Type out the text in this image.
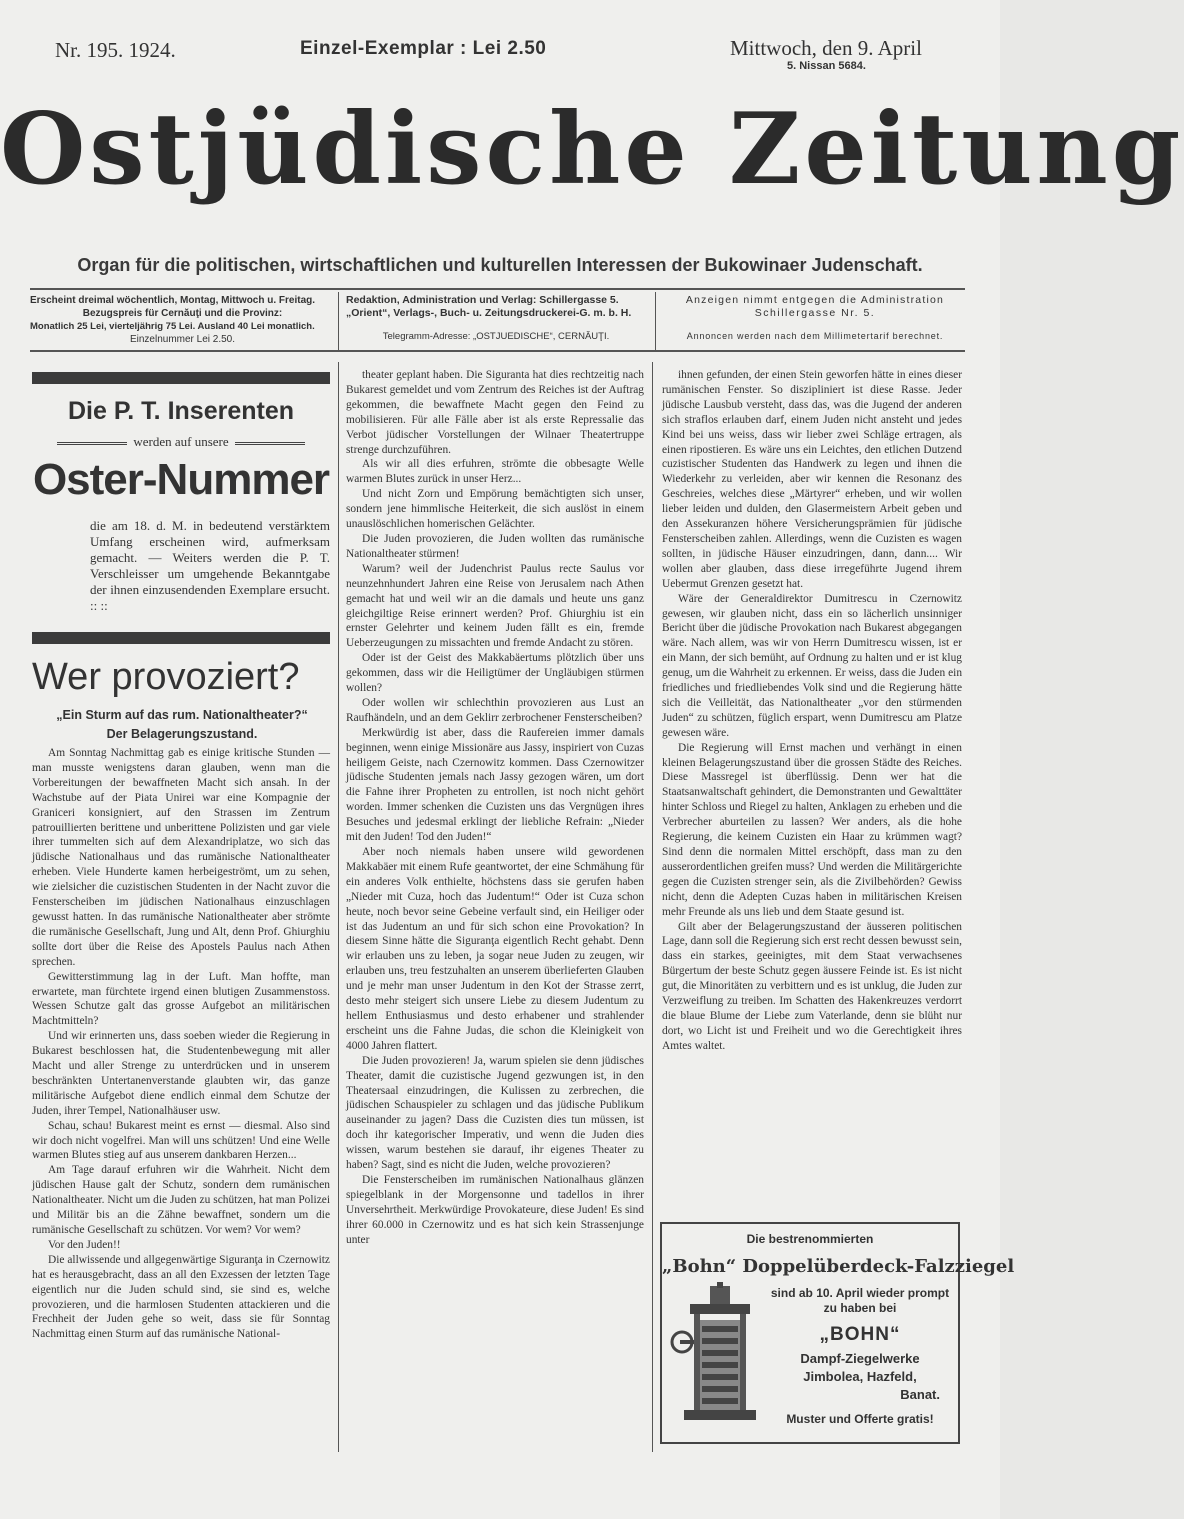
Nr. 195. 1924.	Einzel-Exemplar : Lei 2.50	Mittwoch, den 9. April
5. Nissan 5684.
Ostjüdische Zeitung
Organ für die politischen, wirtschaftlichen und kulturellen Interessen der Bukowinaer Judenschaft.
Erscheint dreimal wöchentlich, Montag, Mittwoch u. Freitag.
Bezugspreis für Cernăuţi und die Provinz:
Monatlich 25 Lei, vierteljährig 75 Lei. Ausland 40 Lei monatlich.
Einzelnummer Lei 2.50.
Redaktion, Administration und Verlag: Schillergasse 5.
„Orient“, Verlags-, Buch- u. Zeitungsdruckerei-G. m. b. H.
Telegramm-Adresse: „OSTJUEDISCHE“, CERNĂUŢI.
Anzeigen nimmt entgegen die Administration
Schillergasse Nr. 5.
Annoncen werden nach dem Millimetertarif berechnet.
Die P. T. Inserenten
werden auf unsere
Oster-Nummer
die am 18. d. M. in bedeutend verstärktem Umfang erscheinen wird, aufmerksam gemacht. — Weiters werden die P. T. Verschleisser um umgehende Bekanntgabe der ihnen einzusendenden Exemplare ersucht. :: ::
Wer provoziert?
„Ein Sturm auf das rum. Nationaltheater?“
Der Belagerungszustand.

Am Sonntag Nachmittag gab es einige kritische Stunden — man musste wenigstens daran glauben, wenn man die Vorbereitungen der bewaffneten Macht sich ansah. In der Wachstube auf der Piata Unirei war eine Kompagnie der Graniceri konsigniert, auf den Strassen im Zentrum patrouillierten berittene und unberittene Polizisten und gar viele ihrer tummelten sich auf dem Alexandriplatze, wo sich das jüdische Nationalhaus und das rumänische Nationaltheater erheben. Viele Hunderte kamen herbeigeströmt, um zu sehen, wie zielsicher die cuzistischen Studenten in der Nacht zuvor die Fensterscheiben im jüdischen Nationalhaus einzuschlagen gewusst hatten. In das rumänische Nationaltheater aber strömte die rumänische Gesellschaft, Jung und Alt, denn Prof. Ghiurghiu sollte dort über die Reise des Apostels Paulus nach Athen sprechen.

Gewitterstimmung lag in der Luft. Man hoffte, man erwartete, man fürchtete irgend einen blutigen Zusammenstoss. Wessen Schutze galt das grosse Aufgebot an militärischen Machtmitteln?

Und wir erinnerten uns, dass soeben wieder die Regierung in Bukarest beschlossen hat, die Studentenbewegung mit aller Macht und aller Strenge zu unterdrücken und in unserem beschränkten Untertanenverstande glaubten wir, das ganze militärische Aufgebot diene endlich einmal dem Schutze der Juden, ihrer Tempel, Nationalhäuser usw.

Schau, schau! Bukarest meint es ernst — diesmal. Also sind wir doch nicht vogelfrei. Man will uns schützen! Und eine Welle warmen Blutes stieg auf aus unserem dankbaren Herzen...

Am Tage darauf erfuhren wir die Wahrheit. Nicht dem jüdischen Hause galt der Schutz, sondern dem rumänischen Nationaltheater. Nicht um die Juden zu schützen, hat man Polizei und Militär bis an die Zähne bewaffnet, sondern um die rumänische Gesellschaft zu schützen. Vor wem? Vor wem?

Vor den Juden!!

Die allwissende und allgegenwärtige Siguranţa in Czernowitz hat es herausgebracht, dass an all den Exzessen der letzten Tage eigentlich nur die Juden schuld sind, sie sind es, welche provozieren, und die harmlosen Studenten attackieren und die Frechheit der Juden gehe so weit, dass sie für Sonntag Nachmittag einen Sturm auf das rumänische National-

theater geplant haben. Die Siguranta hat dies rechtzeitig nach Bukarest gemeldet und vom Zentrum des Reiches ist der Auftrag gekommen, die bewaffnete Macht gegen den Feind zu mobilisieren. Für alle Fälle aber ist als erste Repressalie das Verbot jüdischer Vorstellungen der Wilnaer Theatertruppe strenge durchzuführen.

Als wir all dies erfuhren, strömte die obbesagte Welle warmen Blutes zurück in unser Herz...

Und nicht Zorn und Empörung bemächtigten sich unser, sondern jene himmlische Heiterkeit, die sich auslöst in einem unauslöschlichen homerischen Gelächter.

Die Juden provozieren, die Juden wollten das rumänische Nationaltheater stürmen!

Warum? weil der Judenchrist Paulus recte Saulus vor neunzehnhundert Jahren eine Reise von Jerusalem nach Athen gemacht hat und weil wir an die damals und heute uns ganz gleichgiltige Reise erinnert werden? Prof. Ghiurghiu ist ein ernster Gelehrter und keinem Juden fällt es ein, fremde Ueberzeugungen zu missachten und fremde Andacht zu stören.

Oder ist der Geist des Makkabäertums plötzlich über uns gekommen, dass wir die Heiligtümer der Ungläubigen stürmen wollen?

Oder wollen wir schlechthin provozieren aus Lust an Raufhändeln, und an dem Geklirr zerbrochener Fensterscheiben?

Merkwürdig ist aber, dass die Raufereien immer damals beginnen, wenn einige Missionäre aus Jassy, inspiriert von Cuzas heiligem Geiste, nach Czernowitz kommen. Dass Czernowitzer jüdische Studenten jemals nach Jassy gezogen wären, um dort die Fahne ihrer Propheten zu entrollen, ist noch nicht gehört worden. Immer schenken die Cuzisten uns das Vergnügen ihres Besuches und jedesmal erklingt der liebliche Refrain: „Nieder mit den Juden! Tod den Juden!“

Aber noch niemals haben unsere wild gewordenen Makkabäer mit einem Rufe geantwortet, der eine Schmähung für ein anderes Volk enthielte, höchstens dass sie gerufen haben „Nieder mit Cuza, hoch das Judentum!“ Oder ist Cuza schon heute, noch bevor seine Gebeine verfault sind, ein Heiliger oder ist das Judentum an und für sich schon eine Provokation? In diesem Sinne hätte die Siguranţa eigentlich Recht gehabt. Denn wir erlauben uns zu leben, ja sogar neue Juden zu zeugen, wir erlauben uns, treu festzuhalten an unserem überlieferten Glauben und je mehr man unser Judentum in den Kot der Strasse zerrt, desto mehr steigert sich unsere Liebe zu diesem Judentum zu hellem Enthusiasmus und desto erhabener und strahlender erscheint uns die Fahne Judas, die schon die Kleinigkeit von 4000 Jahren flattert.

Die Juden provozieren! Ja, warum spielen sie denn jüdisches Theater, damit die cuzistische Jugend gezwungen ist, in den Theatersaal einzudringen, die Kulissen zu zerbrechen, die jüdischen Schauspieler zu schlagen und das jüdische Publikum auseinander zu jagen? Dass die Cuzisten dies tun müssen, ist doch ihr kategorischer Imperativ, und wenn die Juden dies wissen, warum bestehen sie darauf, ihr eigenes Theater zu haben? Sagt, sind es nicht die Juden, welche provozieren?

Die Fensterscheiben im rumänischen Nationalhaus glänzen spiegelblank in der Morgensonne und tadellos in ihrer Unversehrtheit. Merkwürdige Provokateure, diese Juden! Es sind ihrer 60.000 in Czernowitz und es hat sich kein Strassenjunge unter

ihnen gefunden, der einen Stein geworfen hätte in eines dieser rumänischen Fenster. So diszipliniert ist diese Rasse. Jeder jüdische Lausbub versteht, dass das, was die Jugend der anderen sich straflos erlauben darf, einem Juden nicht ansteht und jedes Kind bei uns weiss, dass wir lieber zwei Schläge ertragen, als einen ripostieren. Es wäre uns ein Leichtes, den etlichen Dutzend cuzistischer Studenten das Handwerk zu legen und ihnen die Wiederkehr zu verleiden, aber wir kennen die Resonanz des Geschreies, welches diese „Märtyrer“ erheben, und wir wollen lieber leiden und dulden, den Glasermeistern Arbeit geben und den Assekuranzen höhere Versicherungsprämien für jüdische Fensterscheiben zahlen. Allerdings, wenn die Cuzisten es wagen sollten, in jüdische Häuser einzudringen, dann, dann.... Wir wollen aber glauben, dass diese irregeführte Jugend ihrem Uebermut Grenzen gesetzt hat.

Wäre der Generaldirektor Dumitrescu in Czernowitz gewesen, wir glauben nicht, dass ein so lächerlich unsinniger Bericht über die jüdische Provokation nach Bukarest abgegangen wäre. Nach allem, was wir von Herrn Dumitrescu wissen, ist er ein Mann, der sich bemüht, auf Ordnung zu halten und er ist klug genug, um die Wahrheit zu erkennen. Er weiss, dass die Juden ein friedliches und friedliebendes Volk sind und die Regierung hätte sich die Veilleität, das Nationaltheater „vor den stürmenden Juden“ zu schützen, füglich erspart, wenn Dumitrescu am Platze gewesen wäre.

Die Regierung will Ernst machen und verhängt in einen kleinen Belagerungszustand über die grossen Städte des Reiches. Diese Massregel ist überflüssig. Denn wer hat die Staatsanwaltschaft gehindert, die Demonstranten und Gewalttäter hinter Schloss und Riegel zu halten, Anklagen zu erheben und die Verbrecher aburteilen zu lassen? Wer anders, als die hohe Regierung, die keinem Cuzisten ein Haar zu krümmen wagt? Sind denn die normalen Mittel erschöpft, dass man zu den ausserordentlichen greifen muss? Und werden die Militärgerichte gegen die Cuzisten strenger sein, als die Zivilbehörden? Gewiss nicht, denn die Adepten Cuzas haben in militärischen Kreisen mehr Freunde als uns lieb und dem Staate gesund ist.

Gilt aber der Belagerungszustand der äusseren politischen Lage, dann soll die Regierung sich erst recht dessen bewusst sein, dass ein starkes, geeinigtes, mit dem Staat verwachsenes Bürgertum der beste Schutz gegen äussere Feinde ist. Es ist nicht gut, die Minoritäten zu verbittern und es ist unklug, die Juden zur Verzweiflung zu treiben. Im Schatten des Hakenkreuzes verdorrt die blaue Blume der Liebe zum Vaterlande, denn sie blüht nur dort, wo Licht ist und Freiheit und wo die Gerechtigkeit ihres Amtes waltet.

Die bestrenommierten
„Bohn“ Doppelüberdeck-Falzziegel
sind ab 10. April wieder prompt zu haben bei
„BOHN“
Dampf-Ziegelwerke
Jimbolea, Hazfeld,
Banat.
Muster und Offerte gratis!
